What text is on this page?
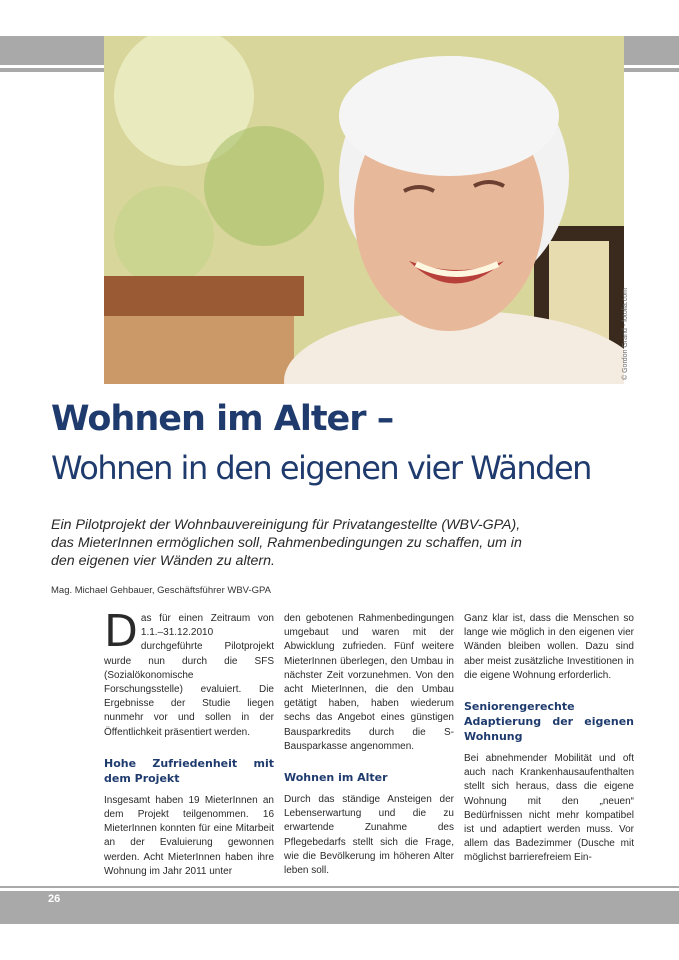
© Gordon Grand - fotolia.com
Wohnen im Alter –
Wohnen in den eigenen vier Wänden
Ein Pilotprojekt der Wohnbauvereinigung für Privatangestellte (WBV-GPA), das MieterInnen ermöglichen soll, Rahmenbedingungen zu schaffen, um in den eigenen vier Wänden zu altern.
Mag. Michael Gehbauer, Geschäftsführer WBV-GPA

Das für einen Zeitraum von 1.1.–31.12.2010 durchgeführte Pilotprojekt wurde nun durch die SFS (Sozialökonomische Forschungsstelle) evaluiert. Die Ergebnisse der Studie liegen nunmehr vor und sollen in der Öffentlichkeit präsentiert werden.

Hohe Zufriedenheit mit dem Projekt

Insgesamt haben 19 MieterInnen an dem Projekt teilgenommen. 16 MieterInnen konnten für eine Mitarbeit an der Evaluierung gewonnen werden. Acht MieterInnen haben ihre Wohnung im Jahr 2011 unter

den gebotenen Rahmenbedingungen umgebaut und waren mit der Abwicklung zufrieden. Fünf weitere MieterInnen überlegen, den Umbau in nächster Zeit vorzunehmen. Von den acht MieterInnen, die den Umbau getätigt haben, haben wiederum sechs das Angebot eines günstigen Bausparkredits durch die S-Bausparkasse angenommen.

Wohnen im Alter

Durch das ständige Ansteigen der Lebenserwartung und die zu erwartende Zunahme des Pflegebedarfs stellt sich die Frage, wie die Bevölkerung im höheren Alter leben soll.

Ganz klar ist, dass die Menschen so lange wie möglich in den eigenen vier Wänden bleiben wollen. Dazu sind aber meist zusätzliche Investitionen in die eigene Wohnung erforderlich.

Seniorengerechte Adaptierung der eigenen Wohnung

Bei abnehmender Mobilität und oft auch nach Krankenhausaufenthalten stellt sich heraus, dass die eigene Wohnung mit den „neuen“ Bedürfnissen nicht mehr kompatibel ist und adaptiert werden muss. Vor allem das Badezimmer (Dusche mit möglichst barrierefreiem Ein-

26
